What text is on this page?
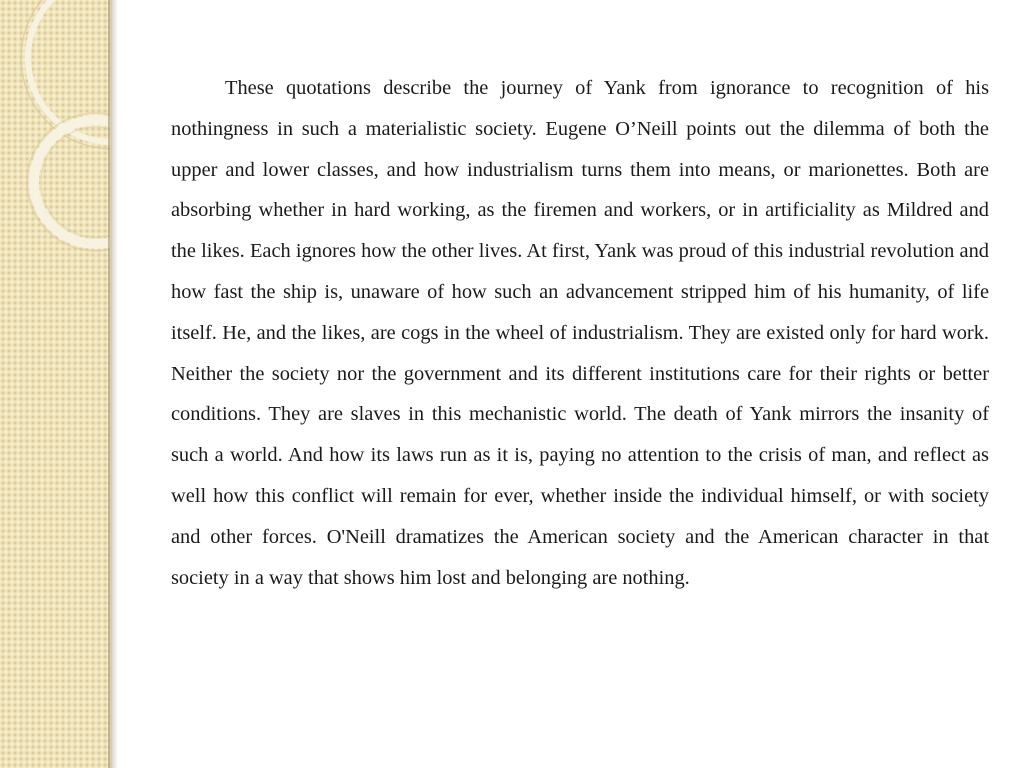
These quotations describe the journey of Yank from ignorance to recognition of his nothingness in such a materialistic society. Eugene O’Neill points out the dilemma of both the upper and lower classes, and how industrialism turns them into means, or marionettes. Both are absorbing whether in hard working, as the firemen and workers, or in artificiality as Mildred and the likes. Each ignores how the other lives. At first, Yank was proud of this industrial revolution and how fast the ship is, unaware of how such an advancement stripped him of his humanity, of life itself. He, and the likes, are cogs in the wheel of industrialism. They are existed only for hard work. Neither the society nor the government and its different institutions care for their rights or better conditions. They are slaves in this mechanistic world. The death of Yank mirrors the insanity of such a world. And how its laws run as it is, paying no attention to the crisis of man, and reflect as well how this conflict will remain for ever, whether inside the individual himself, or with society and other forces. O'Neill dramatizes the American society and the American character in that society in a way that shows him lost and belonging are nothing.
